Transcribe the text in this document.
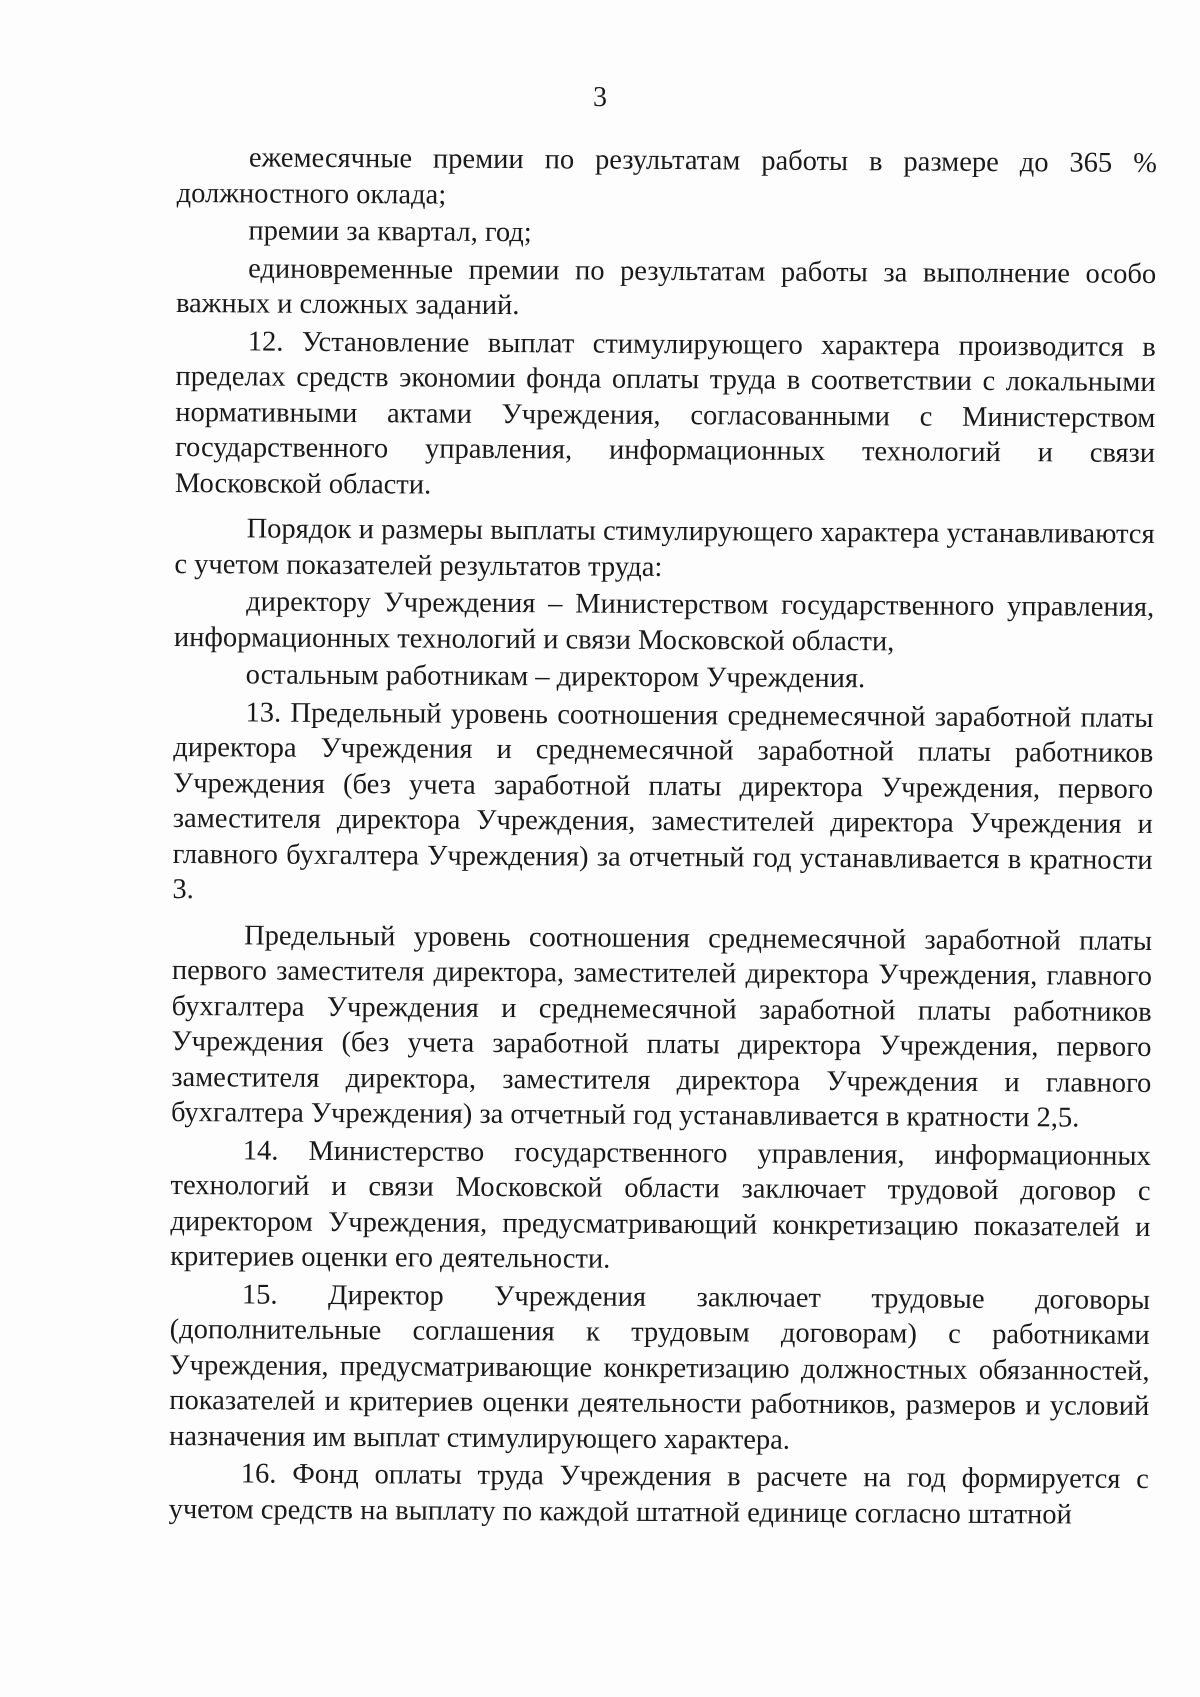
3

ежемесячные премии по результатам работы в размере до 365 % должностного оклада;

премии за квартал, год;

единовременные премии по результатам работы за выполнение особо важных и сложных заданий.

12. Установление выплат стимулирующего характера производится в пределах средств экономии фонда оплаты труда в соответствии с локальными нормативными актами Учреждения, согласованными с Министерством государственного управления, информационных технологий и связи Московской области.

Порядок и размеры выплаты стимулирующего характера устанавливаются с учетом показателей результатов труда:

директору Учреждения – Министерством государственного управления, информационных технологий и связи Московской области,

остальным работникам – директором Учреждения.

13. Предельный уровень соотношения среднемесячной заработной платы директора Учреждения и среднемесячной заработной платы работников Учреждения (без учета заработной платы директора Учреждения, первого заместителя директора Учреждения, заместителей директора Учреждения и главного бухгалтера Учреждения) за отчетный год устанавливается в кратности 3.

Предельный уровень соотношения среднемесячной заработной платы первого заместителя директора, заместителей директора Учреждения, главного бухгалтера Учреждения и среднемесячной заработной платы работников Учреждения (без учета заработной платы директора Учреждения, первого заместителя директора, заместителя директора Учреждения и главного бухгалтера Учреждения) за отчетный год устанавливается в кратности 2,5.

14. Министерство государственного управления, информационных технологий и связи Московской области заключает трудовой договор с директором Учреждения, предусматривающий конкретизацию показателей и критериев оценки его деятельности.

15. Директор Учреждения заключает трудовые договоры (дополнительные соглашения к трудовым договорам) с работниками Учреждения, предусматривающие конкретизацию должностных обязанностей, показателей и критериев оценки деятельности работников, размеров и условий назначения им выплат стимулирующего характера.

16. Фонд оплаты труда Учреждения в расчете на год формируется с учетом средств на выплату по каждой штатной единице согласно штатной
